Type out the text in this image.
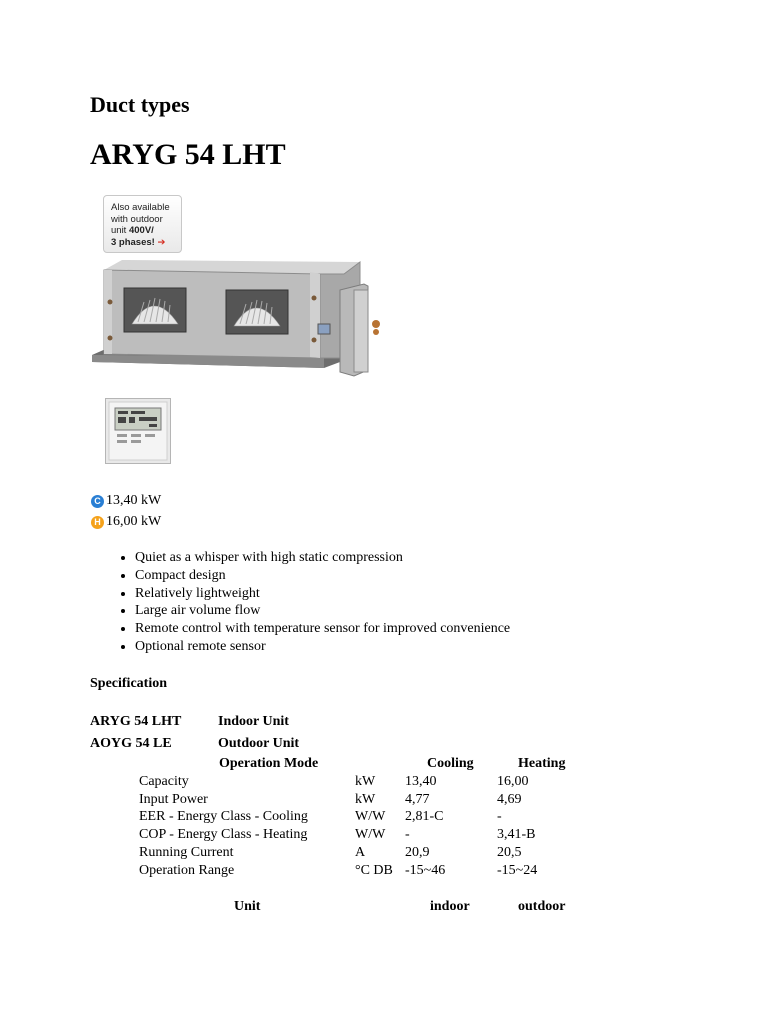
Duct types
ARYG 54 LHT
Also available
with outdoor
unit 400V/
3 phases! ➔
C 13,40 kW
H 16,00 kW
• Quiet as a whisper with high static compression
• Compact design
• Relatively lightweight
• Large air volume flow
• Remote control with temperature sensor for improved convenience
• Optional remote sensor
Specification
ARYG 54 LHT	Indoor Unit
AOYG 54 LE	Outdoor Unit
Operation Mode	Cooling	Heating
Capacity	kW 13,40	16,00
Input Power	kW 4,77	4,69
EER - Energy Class - Cooling	W/W 2,81-C	-
COP - Energy Class - Heating	W/W -	3,41-B
Running Current	A	20,9	20,5
Operation Range	°C DB -15~46	-15~24
Unit	indoor	outdoor
